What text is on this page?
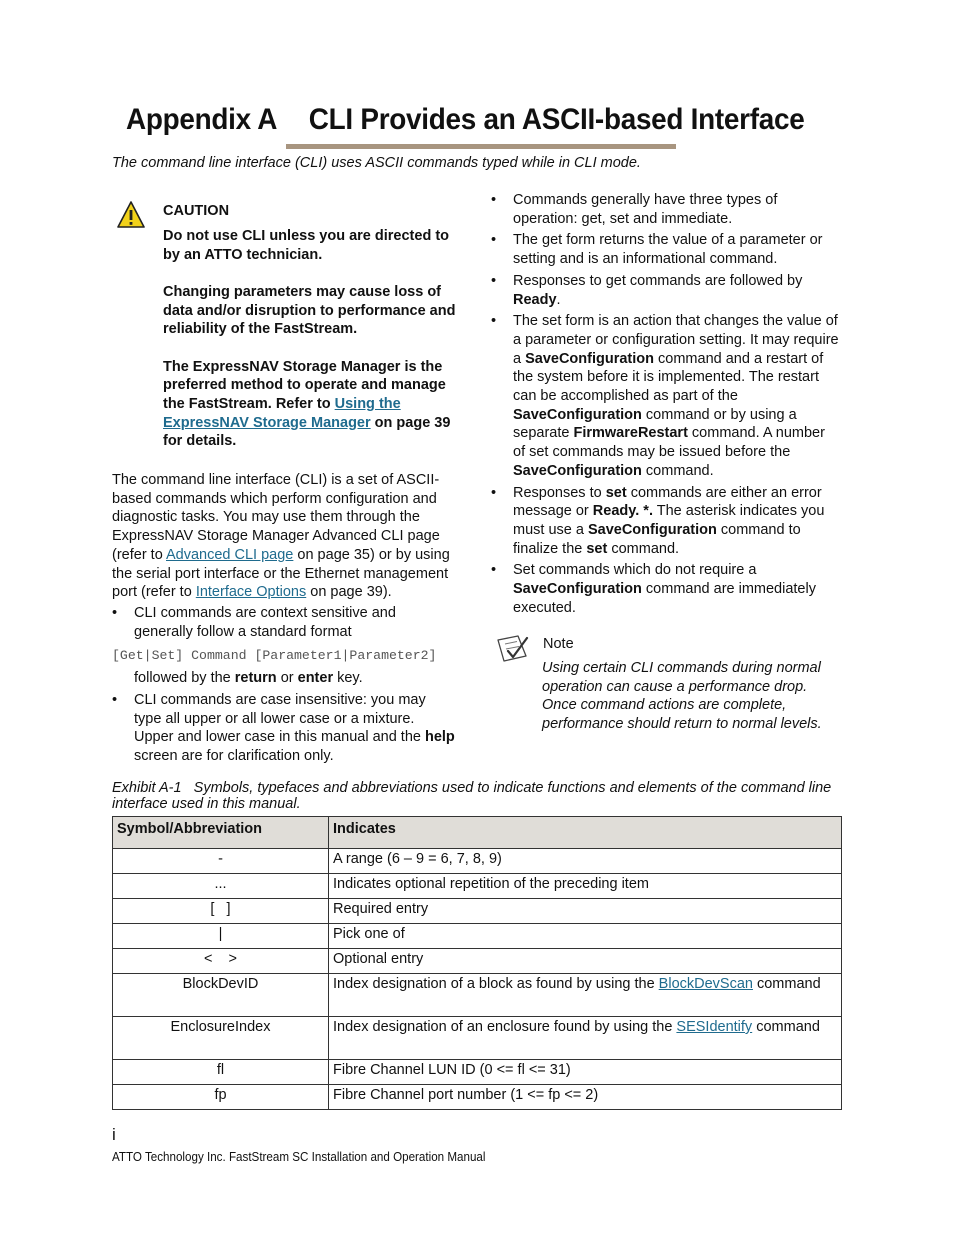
Appendix A CLI Provides an ASCII-based Interface
The command line interface (CLI) uses ASCII commands typed while in CLI mode.
CAUTION

Do not use CLI unless you are directed to by an ATTO technician.

Changing parameters may cause loss of data and/or disruption to performance and reliability of the FastStream.

The ExpressNAV Storage Manager is the preferred method to operate and manage the FastStream. Refer to Using the ExpressNAV Storage Manager on page 39 for details.

The command line interface (CLI) is a set of ASCII-based commands which perform configuration and diagnostic tasks. You may use them through the ExpressNAV Storage Manager Advanced CLI page (refer to Advanced CLI page on page 35) or by using the serial port interface or the Ethernet management port (refer to Interface Options on page 39).
• CLI commands are context sensitive and generally follow a standard format
[Get|Set] Command [Parameter1|Parameter2]
followed by the return or enter key.
• CLI commands are case insensitive: you may type all upper or all lower case or a mixture. Upper and lower case in this manual and the help screen are for clarification only.
• Commands generally have three types of operation: get, set and immediate.
• The get form returns the value of a parameter or setting and is an informational command.
• Responses to get commands are followed by Ready.
• The set form is an action that changes the value of a parameter or configuration setting. It may require a SaveConfiguration command and a restart of the system before it is implemented. The restart can be accomplished as part of the SaveConfiguration command or by using a separate FirmwareRestart command. A number of set commands may be issued before the SaveConfiguration command.
• Responses to set commands are either an error message or Ready. *. The asterisk indicates you must use a SaveConfiguration command to finalize the set command.
• Set commands which do not require a SaveConfiguration command are immediately executed.
Note
Using certain CLI commands during normal operation can cause a performance drop. Once command actions are complete, performance should return to normal levels.
Exhibit A-1 Symbols, typefaces and abbreviations used to indicate functions and elements of the command line interface used in this manual.
Symbol/Abbreviation	Indicates
-	A range (6 – 9 = 6, 7, 8, 9)
...	Indicates optional repetition of the preceding item
[   ]	Required entry
|	Pick one of
<    >	Optional entry
BlockDevID	Index designation of a block as found by using the BlockDevScan command
EnclosureIndex	Index designation of an enclosure found by using the SESIdentify command
fl	Fibre Channel LUN ID (0 <= fl <= 31)
fp	Fibre Channel port number (1 <= fp <= 2)
i
ATTO Technology Inc. FastStream SC Installation and Operation Manual
